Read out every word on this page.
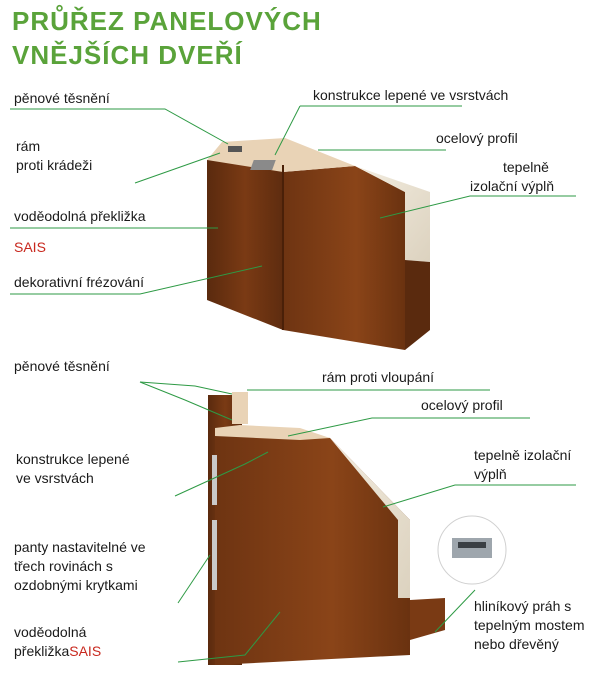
PRŮŘEZ PANELOVÝCH
VNĚJŠÍCH DVEŘÍ
pěnové těsnění
rám
proti krádeži
voděodolná překližka
SAIS
dekorativní frézování
konstrukce lepené ve vsrstvách
ocelový profil
tepelně
izolační výplň
pěnové těsnění
rám proti vloupání
ocelový profil
konstrukce lepené
ve vsrstvách
tepelně izolační
výplň
panty nastavitelné ve
třech rovinách s
ozdobnými krytkami
voděodolná
překližkaSAIS
hliníkový práh s
tepelným mostem
nebo dřevěný
